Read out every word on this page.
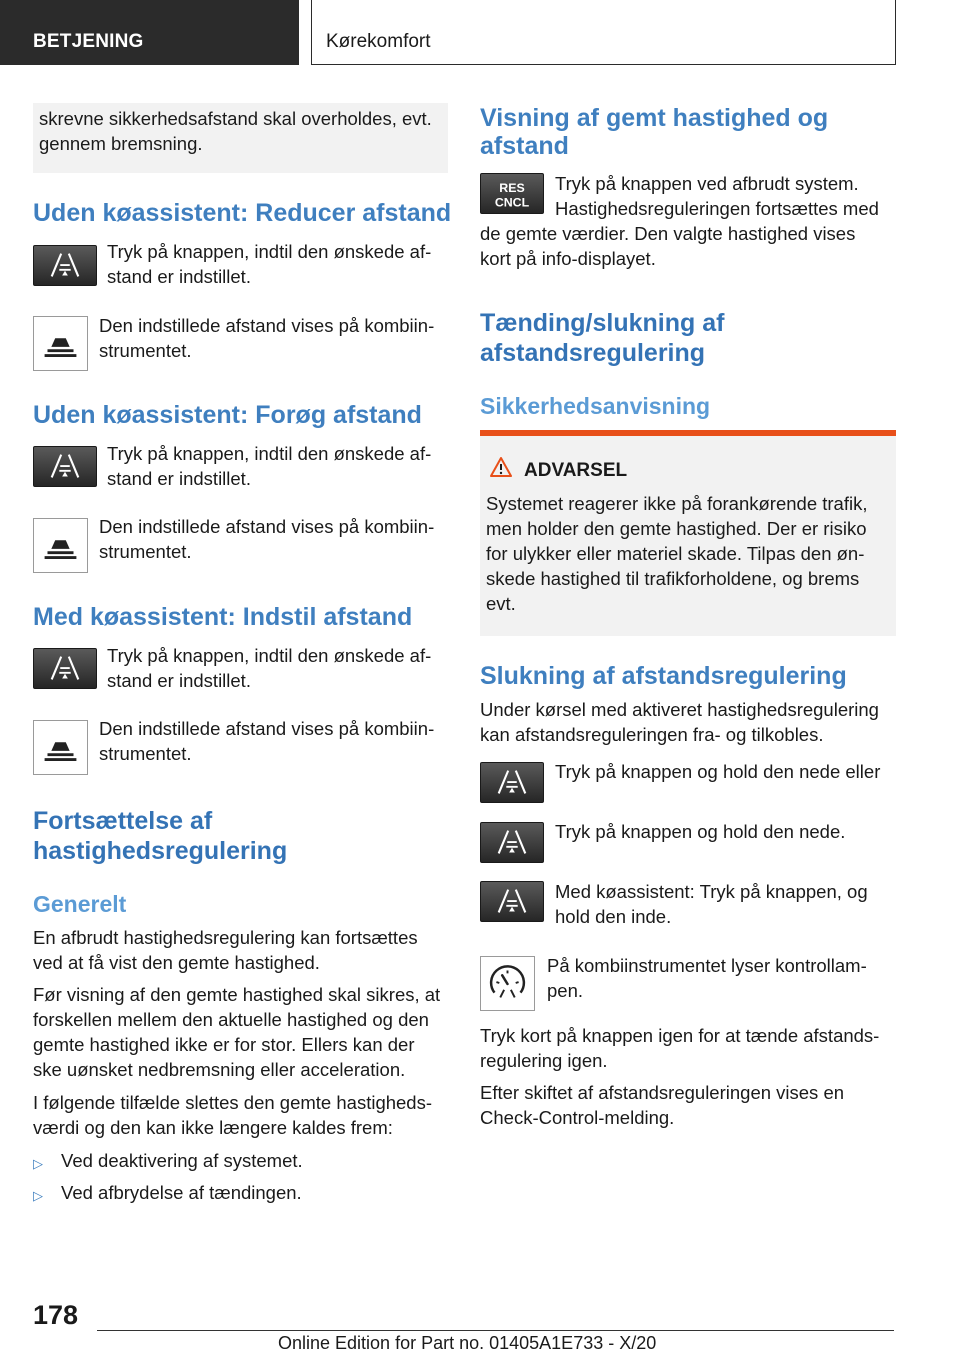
BETJENING	Kørekomfort
skrevne sikkerhedsafstand skal overholdes, evt.
gennem bremsning.
Uden køassistent: Reducer afstand
Tryk på knappen, indtil den ønskede af-
stand er indstillet.
Den indstillede afstand vises på kombiin-
strumentet.
Uden køassistent: Forøg afstand
Tryk på knappen, indtil den ønskede af-
stand er indstillet.
Den indstillede afstand vises på kombiin-
strumentet.
Med køassistent: Indstil afstand
Tryk på knappen, indtil den ønskede af-
stand er indstillet.
Den indstillede afstand vises på kombiin-
strumentet.
Fortsættelse af
hastighedsregulering
Generelt
En afbrudt hastighedsregulering kan fortsættes
ved at få vist den gemte hastighed.
Før visning af den gemte hastighed skal sikres, at
forskellen mellem den aktuelle hastighed og den
gemte hastighed ikke er for stor. Ellers kan der
ske uønsket nedbremsning eller acceleration.
I følgende tilfælde slettes den gemte hastigheds-
værdi og den kan ikke længere kaldes frem:
▷ Ved deaktivering af systemet.
▷ Ved afbrydelse af tændingen.
Visning af gemt hastighed og
afstand
RES
CNCL
Tryk på knappen ved afbrudt system.
Hastighedsreguleringen fortsættes med
de gemte værdier. Den valgte hastighed vises
kort på info-displayet.
Tænding/slukning af
afstandsregulering
Sikkerhedsanvisning
ADVARSEL
Systemet reagerer ikke på forankørende trafik,
men holder den gemte hastighed. Der er risiko
for ulykker eller materiel skade. Tilpas den øn-
skede hastighed til trafikforholdene, og brems
evt.
Slukning af afstandsregulering
Under kørsel med aktiveret hastighedsregulering
kan afstandsreguleringen fra- og tilkobles.
Tryk på knappen og hold den nede eller
Tryk på knappen og hold den nede.
Med køassistent: Tryk på knappen, og
hold den inde.
På kombiinstrumentet lyser kontrollam-
pen.
Tryk kort på knappen igen for at tænde afstands-
regulering igen.
Efter skiftet af afstandsreguleringen vises en
Check-Control-melding.
178
Online Edition for Part no. 01405A1E733 - X/20
